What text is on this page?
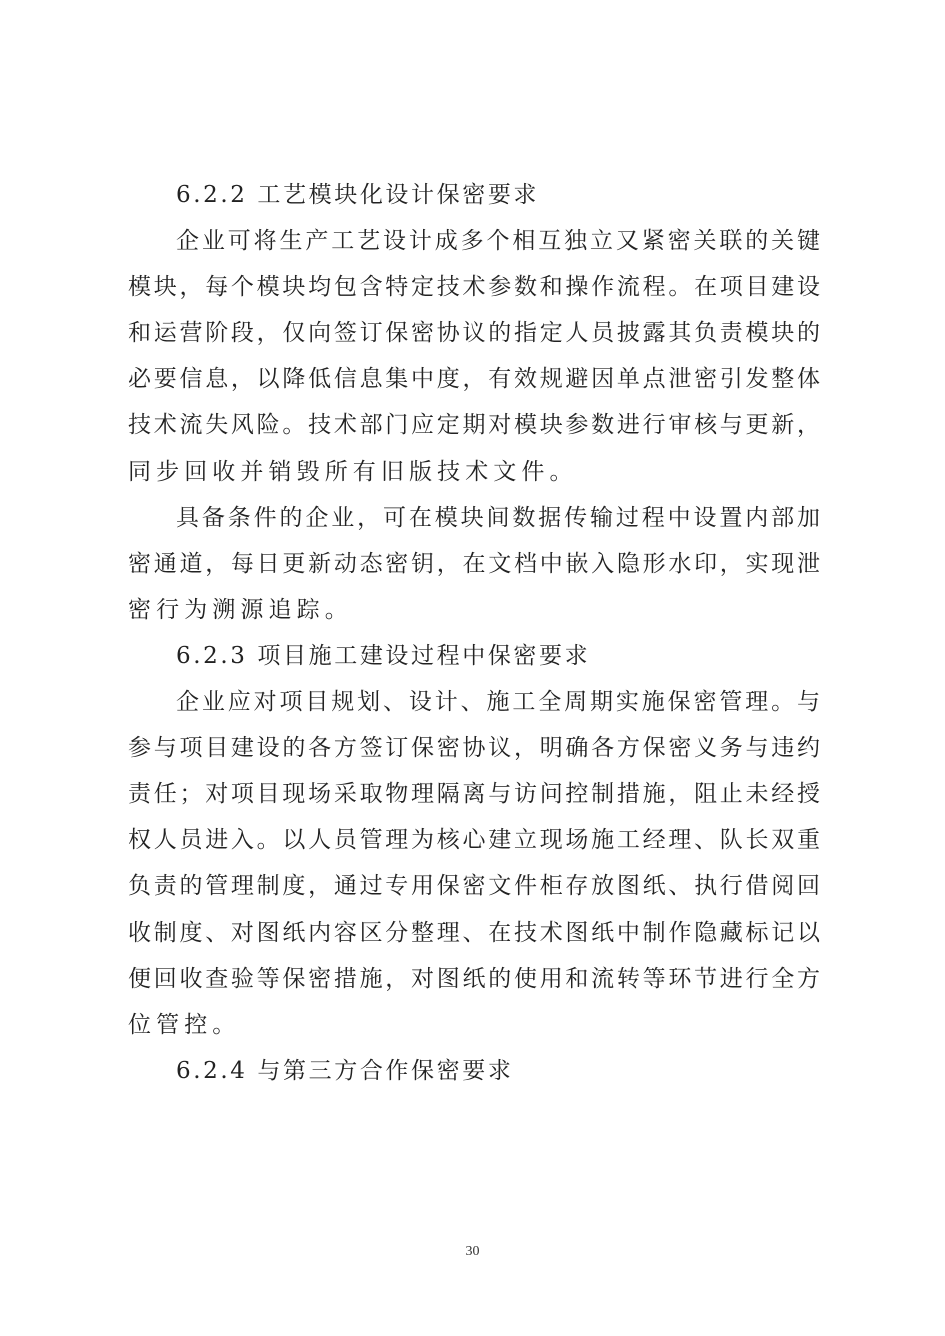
6.2.2 工艺模块化设计保密要求
企业可将生产工艺设计成多个相互独立又紧密关联的关键
模块，每个模块均包含特定技术参数和操作流程。在项目建设
和运营阶段，仅向签订保密协议的指定人员披露其负责模块的
必要信息，以降低信息集中度，有效规避因单点泄密引发整体
技术流失风险。技术部门应定期对模块参数进行审核与更新，
同步回收并销毁所有旧版技术文件。
具备条件的企业，可在模块间数据传输过程中设置内部加
密通道，每日更新动态密钥，在文档中嵌入隐形水印，实现泄
密行为溯源追踪。
6.2.3 项目施工建设过程中保密要求
企业应对项目规划、设计、施工全周期实施保密管理。与
参与项目建设的各方签订保密协议，明确各方保密义务与违约
责任；对项目现场采取物理隔离与访问控制措施，阻止未经授
权人员进入。以人员管理为核心建立现场施工经理、队长双重
负责的管理制度，通过专用保密文件柜存放图纸、执行借阅回
收制度、对图纸内容区分整理、在技术图纸中制作隐藏标记以
便回收查验等保密措施，对图纸的使用和流转等环节进行全方
位管控。
6.2.4 与第三方合作保密要求
30
